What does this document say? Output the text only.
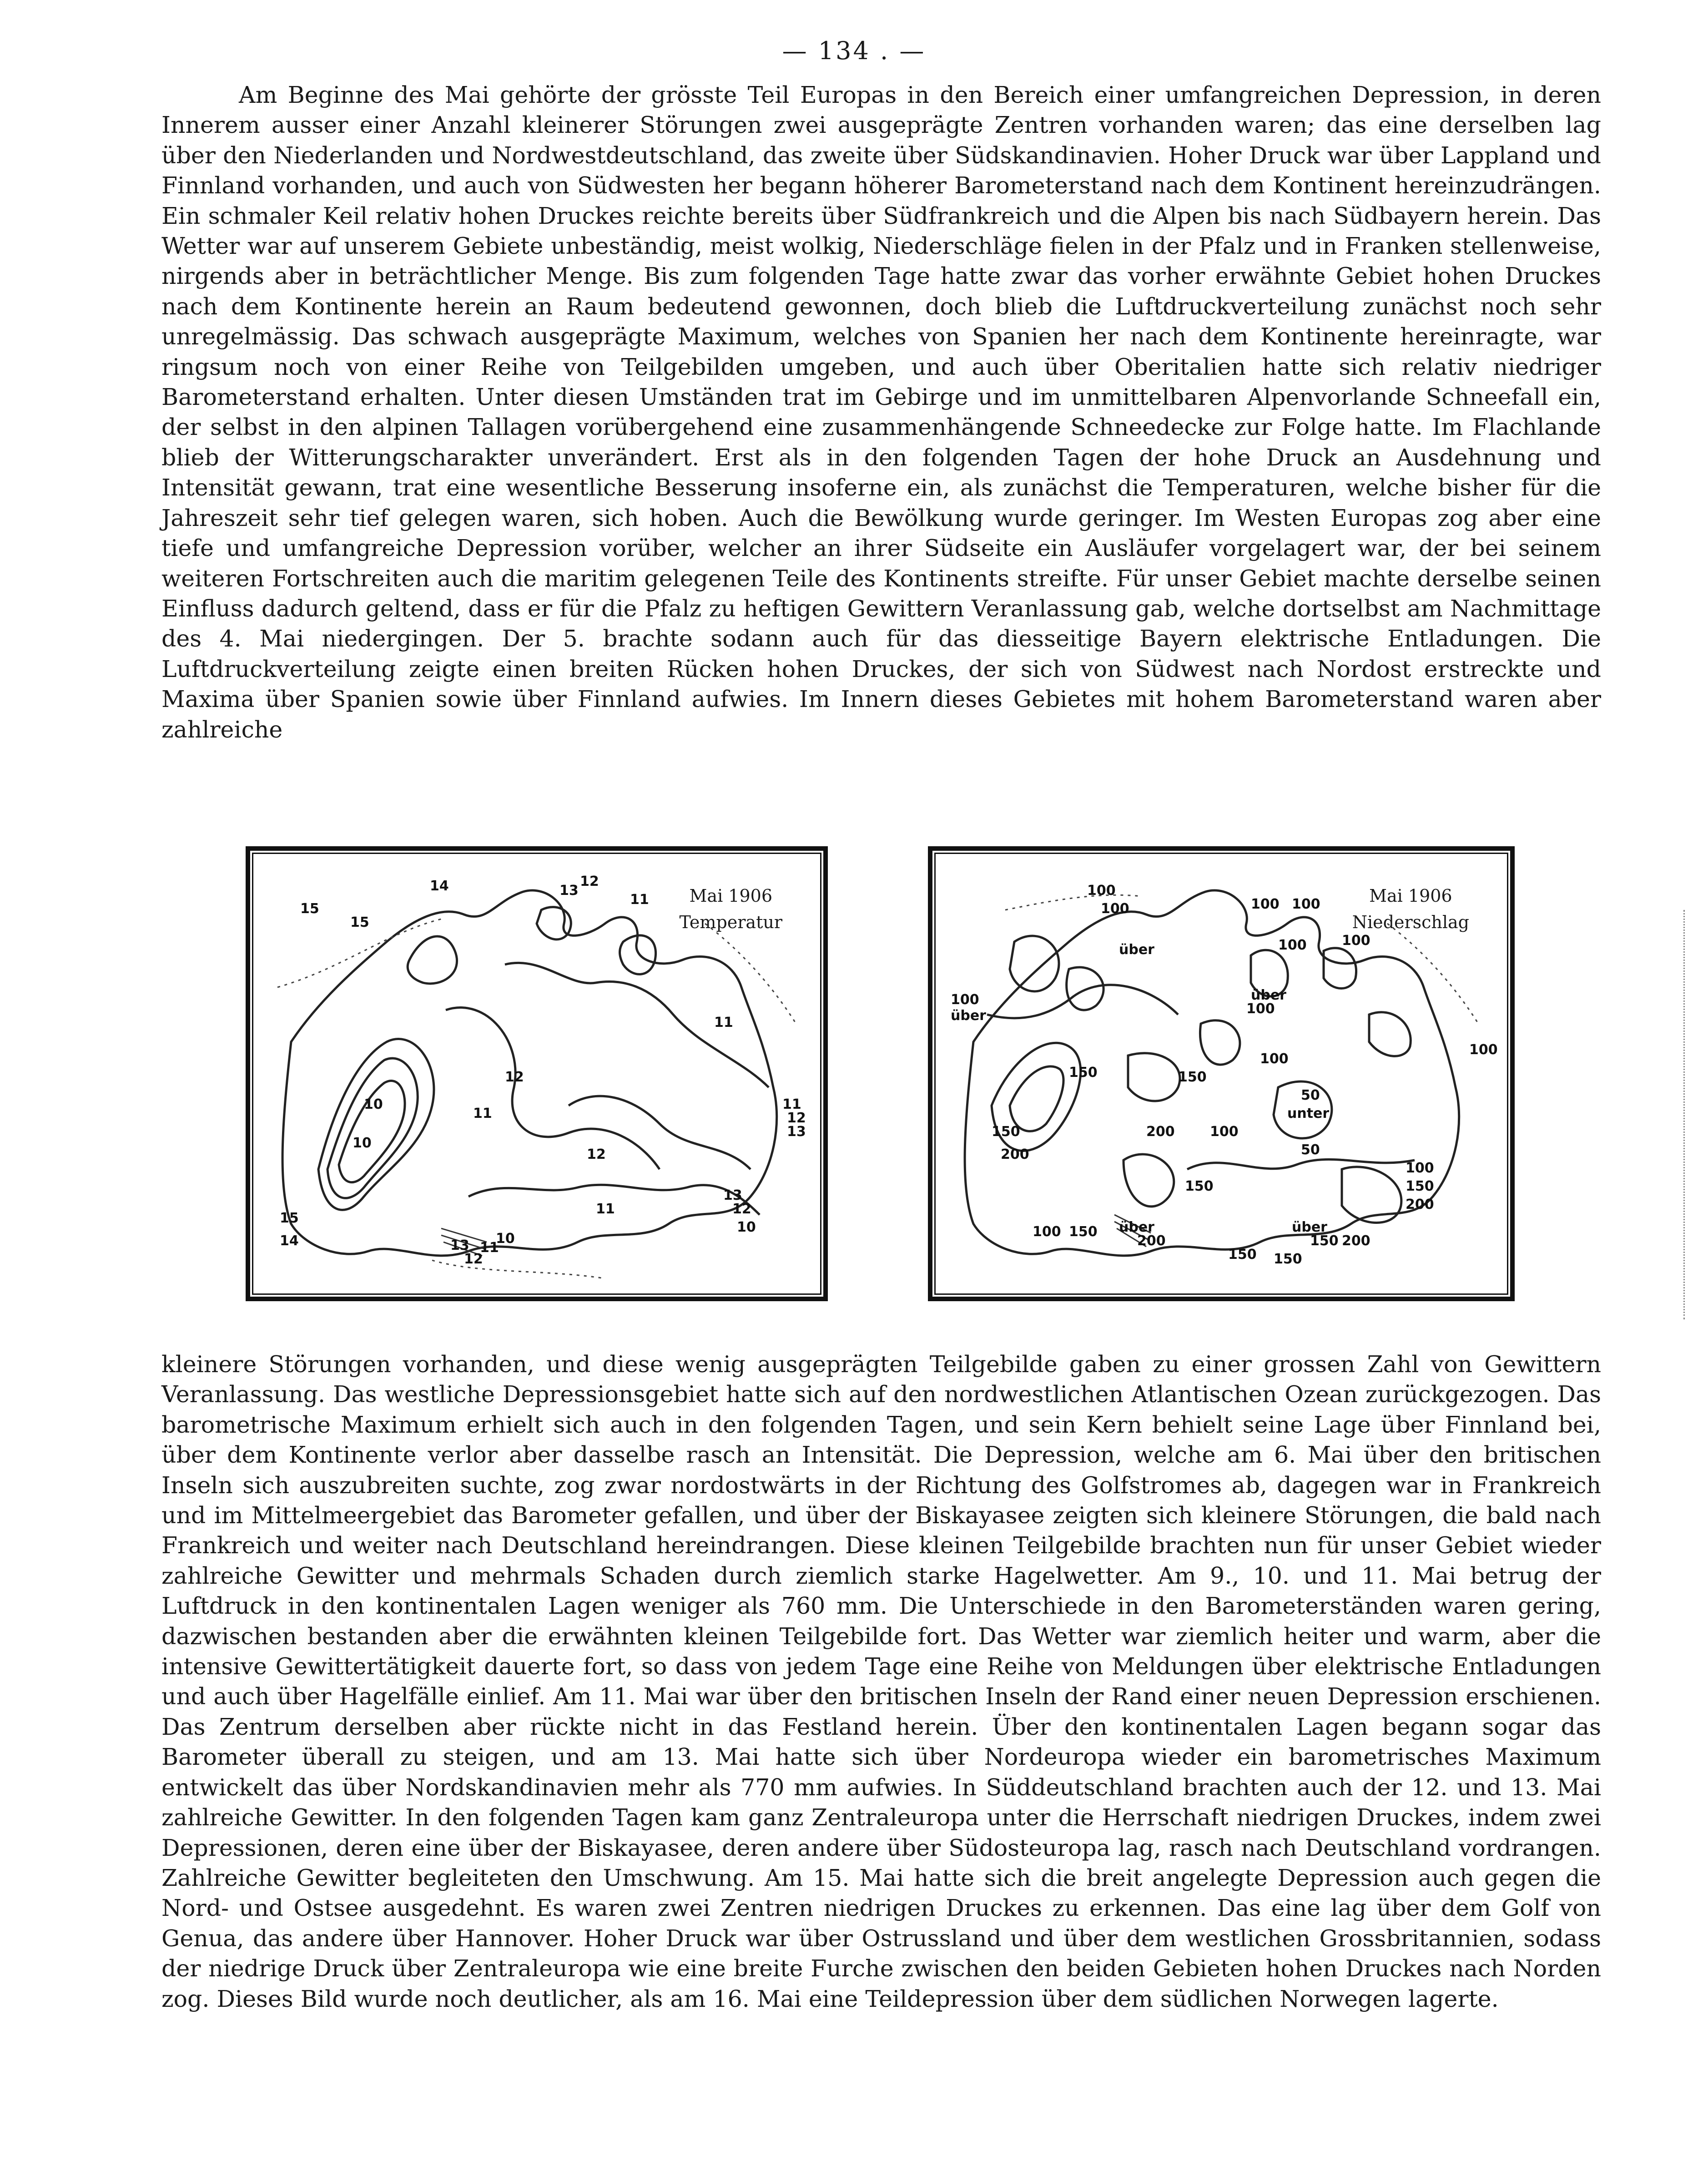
— 134 . —

Am Beginne des Mai gehörte der grösste Teil Europas in den Bereich einer umfangreichen Depression, in deren Innerem ausser einer Anzahl kleinerer Störungen zwei ausgeprägte Zentren vorhanden waren; das eine derselben lag über den Niederlanden und Nordwestdeutschland, das zweite über Südskandinavien. Hoher Druck war über Lappland und Finnland vorhanden, und auch von Südwesten her begann höherer Barometerstand nach dem Kontinent hereinzudrängen. Ein schmaler Keil relativ hohen Druckes reichte bereits über Südfrankreich und die Alpen bis nach Südbayern herein. Das Wetter war auf unserem Gebiete unbeständig, meist wolkig, Niederschläge fielen in der Pfalz und in Franken stellenweise, nirgends aber in beträchtlicher Menge. Bis zum folgenden Tage hatte zwar das vorher erwähnte Gebiet hohen Druckes nach dem Kontinente herein an Raum bedeutend gewonnen, doch blieb die Luftdruckverteilung zunächst noch sehr unregelmässig. Das schwach ausgeprägte Maximum, welches von Spanien her nach dem Kontinente hereinragte, war ringsum noch von einer Reihe von Teilgebilden umgeben, und auch über Oberitalien hatte sich relativ niedriger Barometerstand erhalten. Unter diesen Umständen trat im Gebirge und im unmittelbaren Alpenvorlande Schneefall ein, der selbst in den alpinen Tallagen vorübergehend eine zusammenhängende Schneedecke zur Folge hatte. Im Flachlande blieb der Witterungscharakter unverändert. Erst als in den folgenden Tagen der hohe Druck an Ausdehnung und Intensität gewann, trat eine wesentliche Besserung insoferne ein, als zunächst die Temperaturen, welche bisher für die Jahreszeit sehr tief gelegen waren, sich hoben. Auch die Bewölkung wurde geringer. Im Westen Europas zog aber eine tiefe und umfangreiche Depression vorüber, welcher an ihrer Südseite ein Ausläufer vorgelagert war, der bei seinem weiteren Fortschreiten auch die maritim gelegenen Teile des Kontinents streifte. Für unser Gebiet machte derselbe seinen Einfluss dadurch geltend, dass er für die Pfalz zu heftigen Gewittern Veranlassung gab, welche dortselbst am Nachmittage des 4. Mai niedergingen. Der 5. brachte sodann auch für das diesseitige Bayern elektrische Entladungen. Die Luftdruckverteilung zeigte einen breiten Rücken hohen Druckes, der sich von Südwest nach Nordost erstreckte und Maxima über Spanien sowie über Finnland aufwies. Im Innern dieses Gebietes mit hohem Barometerstand waren aber zahlreiche

Mai 1906
Temperatur
15
14	13
12
11
15
11
12
11
10
10
12
13
11
12
13
11	12
10
15
14	13
12
11
10
Mai 1906
Niederschlag
100
100	100 100
über
100
über
über
100	100
100
100
150	150
200	100
50
unter
50
150
100
150
200
150
200
über
200
150
über
150 200
150
100 150
100

kleinere Störungen vorhanden, und diese wenig ausgeprägten Teilgebilde gaben zu einer grossen Zahl von Gewittern Veranlassung. Das westliche Depressionsgebiet hatte sich auf den nordwestlichen Atlantischen Ozean zurückgezogen. Das barometrische Maximum erhielt sich auch in den folgenden Tagen, und sein Kern behielt seine Lage über Finnland bei, über dem Kontinente verlor aber dasselbe rasch an Intensität. Die Depression, welche am 6. Mai über den britischen Inseln sich auszubreiten suchte, zog zwar nordostwärts in der Richtung des Golfstromes ab, dagegen war in Frankreich und im Mittelmeergebiet das Barometer gefallen, und über der Biskayasee zeigten sich kleinere Störungen, die bald nach Frankreich und weiter nach Deutschland hereindrangen. Diese kleinen Teilgebilde brachten nun für unser Gebiet wieder zahlreiche Gewitter und mehrmals Schaden durch ziemlich starke Hagelwetter. Am 9., 10. und 11. Mai betrug der Luftdruck in den kontinentalen Lagen weniger als 760 mm. Die Unterschiede in den Barometerständen waren gering, dazwischen bestanden aber die erwähnten kleinen Teilgebilde fort. Das Wetter war ziemlich heiter und warm, aber die intensive Gewittertätigkeit dauerte fort, so dass von jedem Tage eine Reihe von Meldungen über elektrische Entladungen und auch über Hagelfälle einlief. Am 11. Mai war über den britischen Inseln der Rand einer neuen Depression erschienen. Das Zentrum derselben aber rückte nicht in das Festland herein. Über den kontinentalen Lagen begann sogar das Barometer überall zu steigen, und am 13. Mai hatte sich über Nordeuropa wieder ein barometrisches Maximum entwickelt das über Nordskandinavien mehr als 770 mm aufwies. In Süddeutschland brachten auch der 12. und 13. Mai zahlreiche Gewitter. In den folgenden Tagen kam ganz Zentraleuropa unter die Herrschaft niedrigen Druckes, indem zwei Depressionen, deren eine über der Biskayasee, deren andere über Südosteuropa lag, rasch nach Deutschland vordrangen. Zahlreiche Gewitter begleiteten den Umschwung. Am 15. Mai hatte sich die breit angelegte Depression auch gegen die Nord- und Ostsee ausgedehnt. Es waren zwei Zentren niedrigen Druckes zu erkennen. Das eine lag über dem Golf von Genua, das andere über Hannover. Hoher Druck war über Ostrussland und über dem westlichen Grossbritannien, sodass der niedrige Druck über Zentraleuropa wie eine breite Furche zwischen den beiden Gebieten hohen Druckes nach Norden zog. Dieses Bild wurde noch deutlicher, als am 16. Mai eine Teildepression über dem südlichen Norwegen lagerte.
